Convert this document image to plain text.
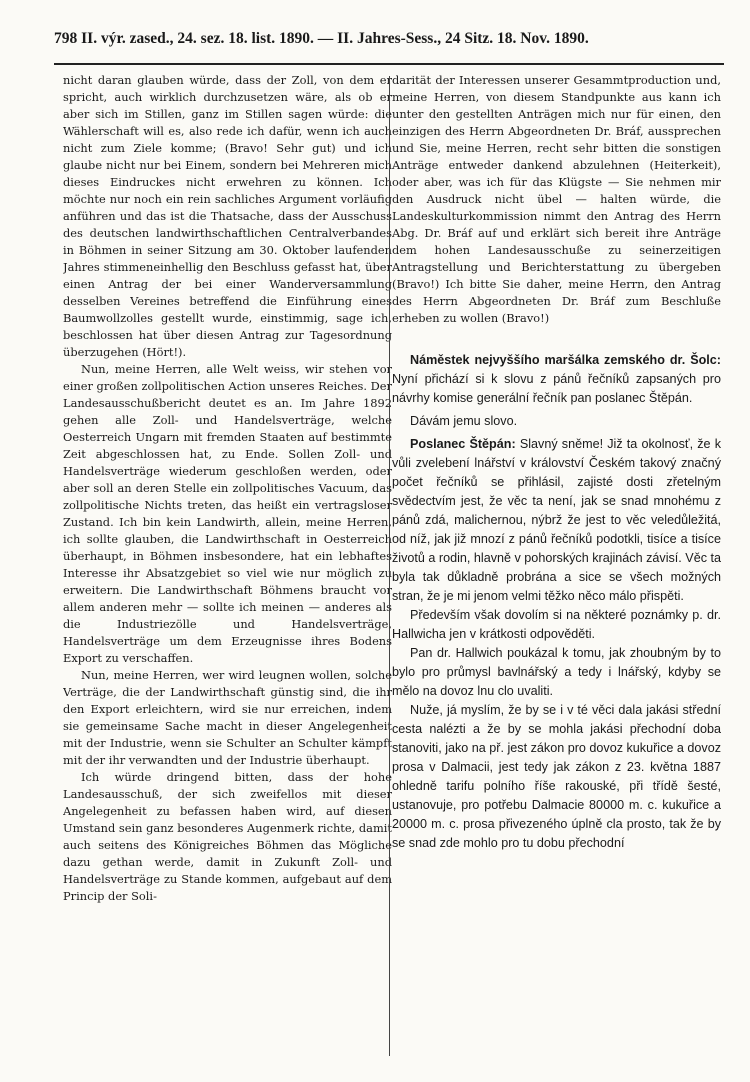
798 II. výr. zased., 24. sez. 18. list. 1890. — II. Jahres-Sess., 24 Sitz. 18. Nov. 1890.

nicht daran glauben würde, dass der Zoll, von dem er spricht, auch wirklich durchzusetzen wäre, als ob er aber sich im Stillen, ganz im Stillen sagen würde: die Wählerschaft will es, also rede ich dafür, wenn ich auch nicht zum Ziele komme; (Bravo! Sehr gut) und ich glaube nicht nur bei Einem, sondern bei Mehreren mich dieses Eindruckes nicht erwehren zu können. Ich möchte nur noch ein rein sachliches Argument vorläufig anführen und das ist die Thatsache, dass der Ausschuss des deutschen landwirthschaftlichen Centralverbandes in Böhmen in seiner Sitzung am 30. Oktober laufenden Jahres stimmeneinhellig den Beschluss gefasst hat, über einen Antrag der bei einer Wanderversammlung desselben Vereines betreffend die Einführung eines Baumwollzolles gestellt wurde, einstimmig, sage ich, beschlossen hat über diesen Antrag zur Tagesordnung überzugehen (Hört!).

Nun, meine Herren, alle Welt weiss, wir stehen vor einer großen zollpolitischen Action unseres Reiches. Der Landesausschußbericht deutet es an. Im Jahre 1892 gehen alle Zoll- und Handelsverträge, welche Oesterreich Ungarn mit fremden Staaten auf bestimmte Zeit abgeschlossen hat, zu Ende. Sollen Zoll- und Handelsverträge wiederum geschloßen werden, oder aber soll an deren Stelle ein zollpolitisches Vacuum, das zollpolitische Nichts treten, das heißt ein vertragsloser Zustand. Ich bin kein Landwirth, allein, meine Herren, ich sollte glauben, die Landwirthschaft in Oesterreich überhaupt, in Böhmen insbesondere, hat ein lebhaftes Interesse ihr Absatzgebiet so viel wie nur möglich zu erweitern. Die Landwirthschaft Böhmens braucht vor allem anderen mehr — sollte ich meinen — anderes als die Industriezölle und Handelsverträge, Handelsverträge um dem Erzeugnisse ihres Bodens Export zu verschaffen.

Nun, meine Herren, wer wird leugnen wollen, solche Verträge, die der Landwirthschaft günstig sind, die ihr den Export erleichtern, wird sie nur erreichen, indem sie gemeinsame Sache macht in dieser Angelegenheit mit der Industrie, wenn sie Schulter an Schulter kämpft mit der ihr verwandten und der Industrie überhaupt.

Ich würde dringend bitten, dass der hohe Landesausschuß, der sich zweifellos mit dieser Angelegenheit zu befassen haben wird, auf diesen Umstand sein ganz besonderes Augenmerk richte, damit auch seitens des Königreiches Böhmen das Mögliche dazu gethan werde, damit in Zukunft Zoll- und Handelsverträge zu Stande kommen, aufgebaut auf dem Princip der Soli-

darität der Interessen unserer Gesammtproduction und, meine Herren, von diesem Standpunkte aus kann ich unter den gestellten Anträgen mich nur für einen, den einzigen des Herrn Abgeordneten Dr. Bráf, aussprechen und Sie, meine Herren, recht sehr bitten die sonstigen Anträge entweder dankend abzulehnen (Heiterkeit), oder aber, was ich für das Klügste — Sie nehmen mir den Ausdruck nicht übel — halten würde, die Landeskulturkommission nimmt den Antrag des Herrn Abg. Dr. Bráf auf und erklärt sich bereit ihre Anträge dem hohen Landesausschuße zu seinerzeitigen Antragstellung und Berichterstattung zu übergeben (Bravo!) Ich bitte Sie daher, meine Herrn, den Antrag des Herrn Abgeordneten Dr. Bráf zum Beschluße erheben zu wollen (Bravo!)

Náměstek nejvyššího maršálka zemského dr. Šolc: Nyní přichází si k slovu z pánů řečníků zapsaných pro návrhy komise generální řečník pan poslanec Štěpán.

Dávám jemu slovo.

Poslanec Štěpán: Slavný sněme! Již ta okolnosť, že k vůli zvelebení lnářství v království Českém takový značný počet řečníků se přihlásil, zajisté dosti zřetelným svědectvím jest, že věc ta není, jak se snad mnohému z pánů zdá, malichernou, nýbrž že jest to věc veledůležitá, od níž, jak již mnozí z pánů řečníků podotkli, tisíce a tisíce životů a rodin, hlavně v pohorských krajinách závisí. Věc ta byla tak důkladně probrána a sice se všech možných stran, že je mi jenom velmi těžko něco málo přispěti.

Především však dovolím si na některé poznámky p. dr. Hallwicha jen v krátkosti odpověděti.

Pan dr. Hallwich poukázal k tomu, jak zhoubným by to bylo pro průmysl bavlnářský a tedy i lnářský, kdyby se mělo na dovoz lnu clo uvaliti.

Nuže, já myslím, že by se i v té věci dala jakási střední cesta nalézti a že by se mohla jakási přechodní doba stanoviti, jako na př. jest zákon pro dovoz kukuřice a dovoz prosa v Dalmacii, jest tedy jak zákon z 23. května 1887 ohledně tarifu polního říše rakouské, při třídě šesté, ustanovuje, pro potřebu Dalmacie 80000 m. c. kukuřice a 20000 m. c. prosa přivezeného úplně cla prosto, tak že by se snad zde mohlo pro tu dobu přechodní
